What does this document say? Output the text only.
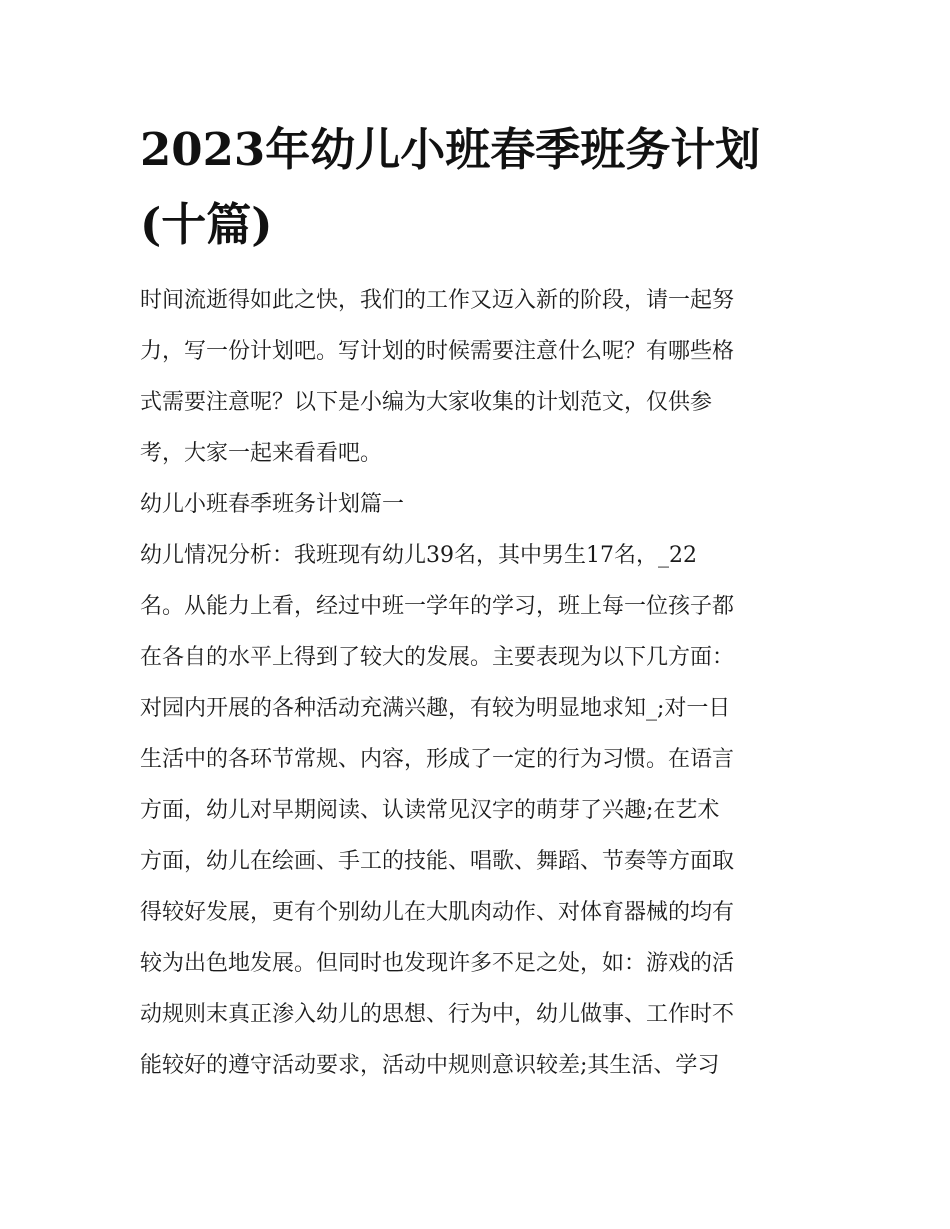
2023年幼儿小班春季班务计划
(十篇)
时间流逝得如此之快，我们的工作又迈入新的阶段，请一起努
力，写一份计划吧。写计划的时候需要注意什么呢？有哪些格
式需要注意呢？以下是小编为大家收集的计划范文，仅供参
考，大家一起来看看吧。
幼儿小班春季班务计划篇一
幼儿情况分析：我班现有幼儿39名，其中男生17名，_22
名。从能力上看，经过中班一学年的学习，班上每一位孩子都
在各自的水平上得到了较大的发展。主要表现为以下几方面：
对园内开展的各种活动充满兴趣，有较为明显地求知_;对一日
生活中的各环节常规、内容，形成了一定的行为习惯。在语言
方面，幼儿对早期阅读、认读常见汉字的萌芽了兴趣;在艺术
方面，幼儿在绘画、手工的技能、唱歌、舞蹈、节奏等方面取
得较好发展，更有个别幼儿在大肌肉动作、对体育器械的均有
较为出色地发展。但同时也发现许多不足之处，如：游戏的活
动规则末真正渗入幼儿的思想、行为中，幼儿做事、工作时不
能较好的遵守活动要求，活动中规则意识较差;其生活、学习
